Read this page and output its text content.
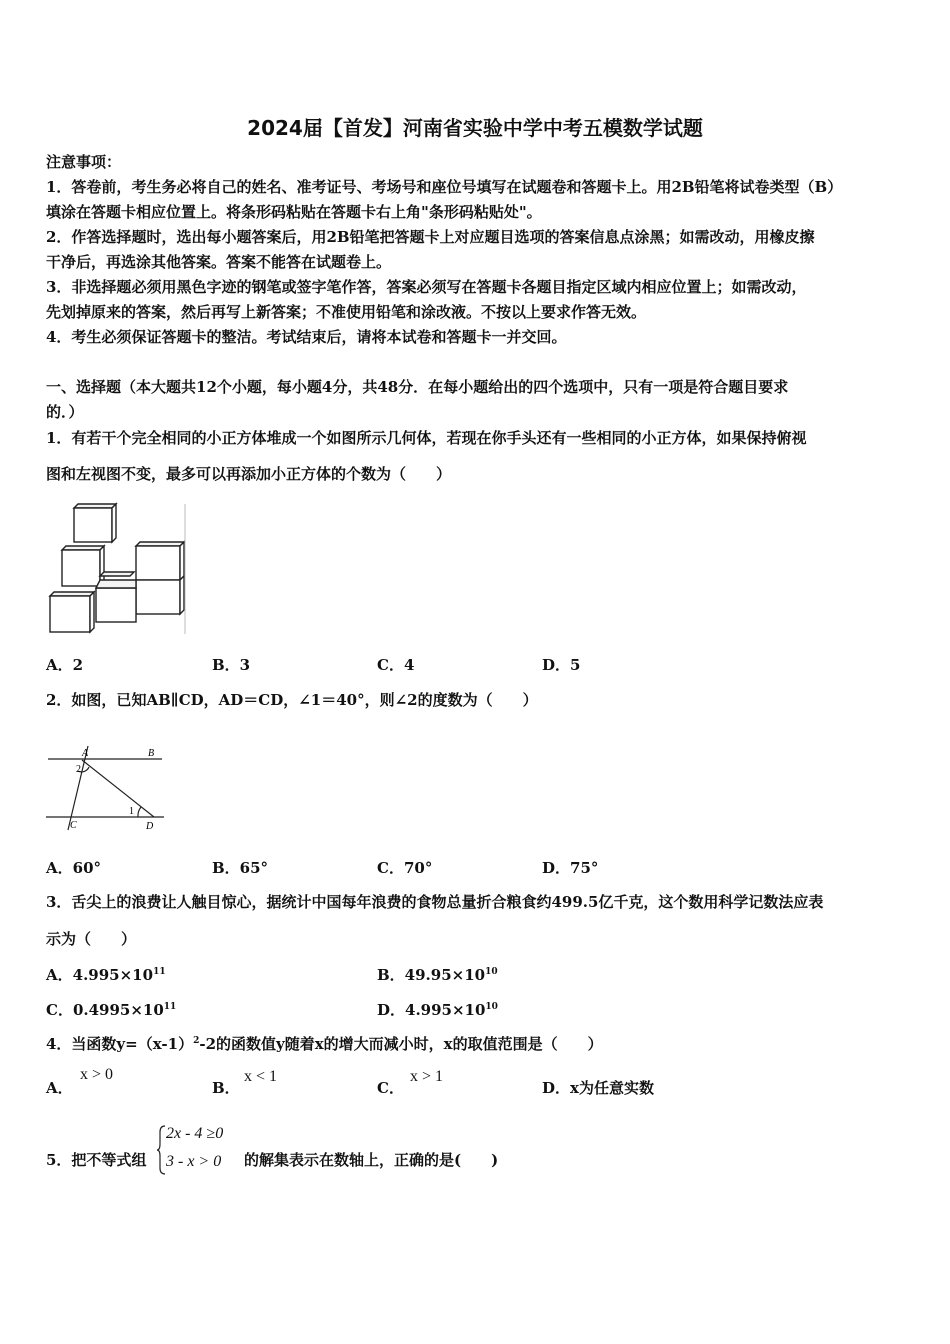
2024届【首发】河南省实验中学中考五模数学试题
注意事项：
1．答卷前，考生务必将自己的姓名、准考证号、考场号和座位号填写在试题卷和答题卡上。用2B铅笔将试卷类型（B）
填涂在答题卡相应位置上。将条形码粘贴在答题卡右上角"条形码粘贴处"。
2．作答选择题时，选出每小题答案后，用2B铅笔把答题卡上对应题目选项的答案信息点涂黑；如需改动，用橡皮擦
干净后，再选涂其他答案。答案不能答在试题卷上。
3．非选择题必须用黑色字迹的钢笔或签字笔作答，答案必须写在答题卡各题目指定区域内相应位置上；如需改动，
先划掉原来的答案，然后再写上新答案；不准使用铅笔和涂改液。不按以上要求作答无效。
4．考生必须保证答题卡的整洁。考试结束后，请将本试卷和答题卡一并交回。
一、选择题（本大题共12个小题，每小题4分，共48分．在每小题给出的四个选项中，只有一项是符合题目要求
的．）
1．有若干个完全相同的小正方体堆成一个如图所示几何体，若现在你手头还有一些相同的小正方体，如果保持俯视
图和左视图不变，最多可以再添加小正方体的个数为（　　）
A．2	B．3	C．4	D．5
2．如图，已知AB∥CD，AD＝CD，∠1＝40°，则∠2的度数为（　　）
A	B
C	D
1
2
A．60°	B．65°	C．70°	D．75°
3．舌尖上的浪费让人触目惊心，据统计中国每年浪费的食物总量折合粮食约499.5亿千克，这个数用科学记数法应表
示为（　　）
A．$4.995\times 10^{11}$	B．$49.95\times 10^{10}$
C．$0.4995\times 10^{11}$	D．$4.995\times 10^{10}$
4．当函数$y=(x-1)^2-2$的函数值y随着x的增大而减小时，x的取值范围是（　　）
A．
x > 0
B．
x < 1
C．
x > 1
D．x为任意实数
5．把不等式组
2x - 4 ≥0
3 - x > 0 的解集表示在数轴上，正确的是(　　)
